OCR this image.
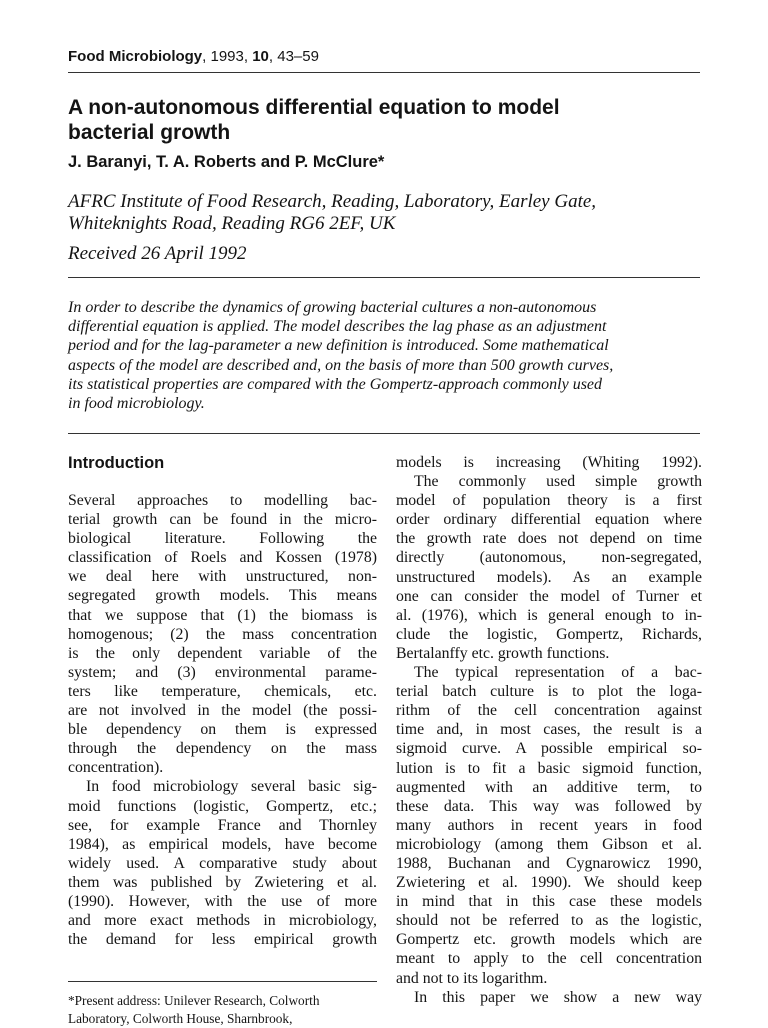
Food Microbiology, 1993, 10, 43–59
A non-autonomous differential equation to model
bacterial growth
J. Baranyi, T. A. Roberts and P. McClure*
AFRC Institute of Food Research, Reading, Laboratory, Earley Gate,
Whiteknights Road, Reading RG6 2EF, UK
Received 26 April 1992
In order to describe the dynamics of growing bacterial cultures a non-autonomous
differential equation is applied. The model describes the lag phase as an adjustment
period and for the lag-parameter a new definition is introduced. Some mathematical
aspects of the model are described and, on the basis of more than 500 growth curves,
its statistical properties are compared with the Gompertz-approach commonly used
in food microbiology.
Introduction
Several approaches to modelling bac-
terial growth can be found in the micro-
biological literature. Following the
classification of Roels and Kossen (1978)
we deal here with unstructured, non-
segregated growth models. This means
that we suppose that (1) the biomass is
homogenous; (2) the mass concentration
is the only dependent variable of the
system; and (3) environmental parame-
ters like temperature, chemicals, etc.
are not involved in the model (the possi-
ble dependency on them is expressed
through the dependency on the mass
concentration).
In food microbiology several basic sig-
moid functions (logistic, Gompertz, etc.;
see, for example France and Thornley
1984), as empirical models, have become
widely used. A comparative study about
them was published by Zwietering et al.
(1990). However, with the use of more
and more exact methods in microbiology,
the demand for less empirical growth
models is increasing (Whiting 1992).
The commonly used simple growth
model of population theory is a first
order ordinary differential equation where
the growth rate does not depend on time
directly (autonomous, non-segregated,
unstructured models). As an example
one can consider the model of Turner et
al. (1976), which is general enough to in-
clude the logistic, Gompertz, Richards,
Bertalanffy etc. growth functions.
The typical representation of a bac-
terial batch culture is to plot the loga-
rithm of the cell concentration against
time and, in most cases, the result is a
sigmoid curve. A possible empirical so-
lution is to fit a basic sigmoid function,
augmented with an additive term, to
these data. This way was followed by
many authors in recent years in food
microbiology (among them Gibson et al.
1988, Buchanan and Cygnarowicz 1990,
Zwietering et al. 1990). We should keep
in mind that in this case these models
should not be referred to as the logistic,
Gompertz etc. growth models which are
meant to apply to the cell concentration
and not to its logarithm.
In this paper we show a new way
*Present address: Unilever Research, Colworth
Laboratory, Colworth House, Sharnbrook,
